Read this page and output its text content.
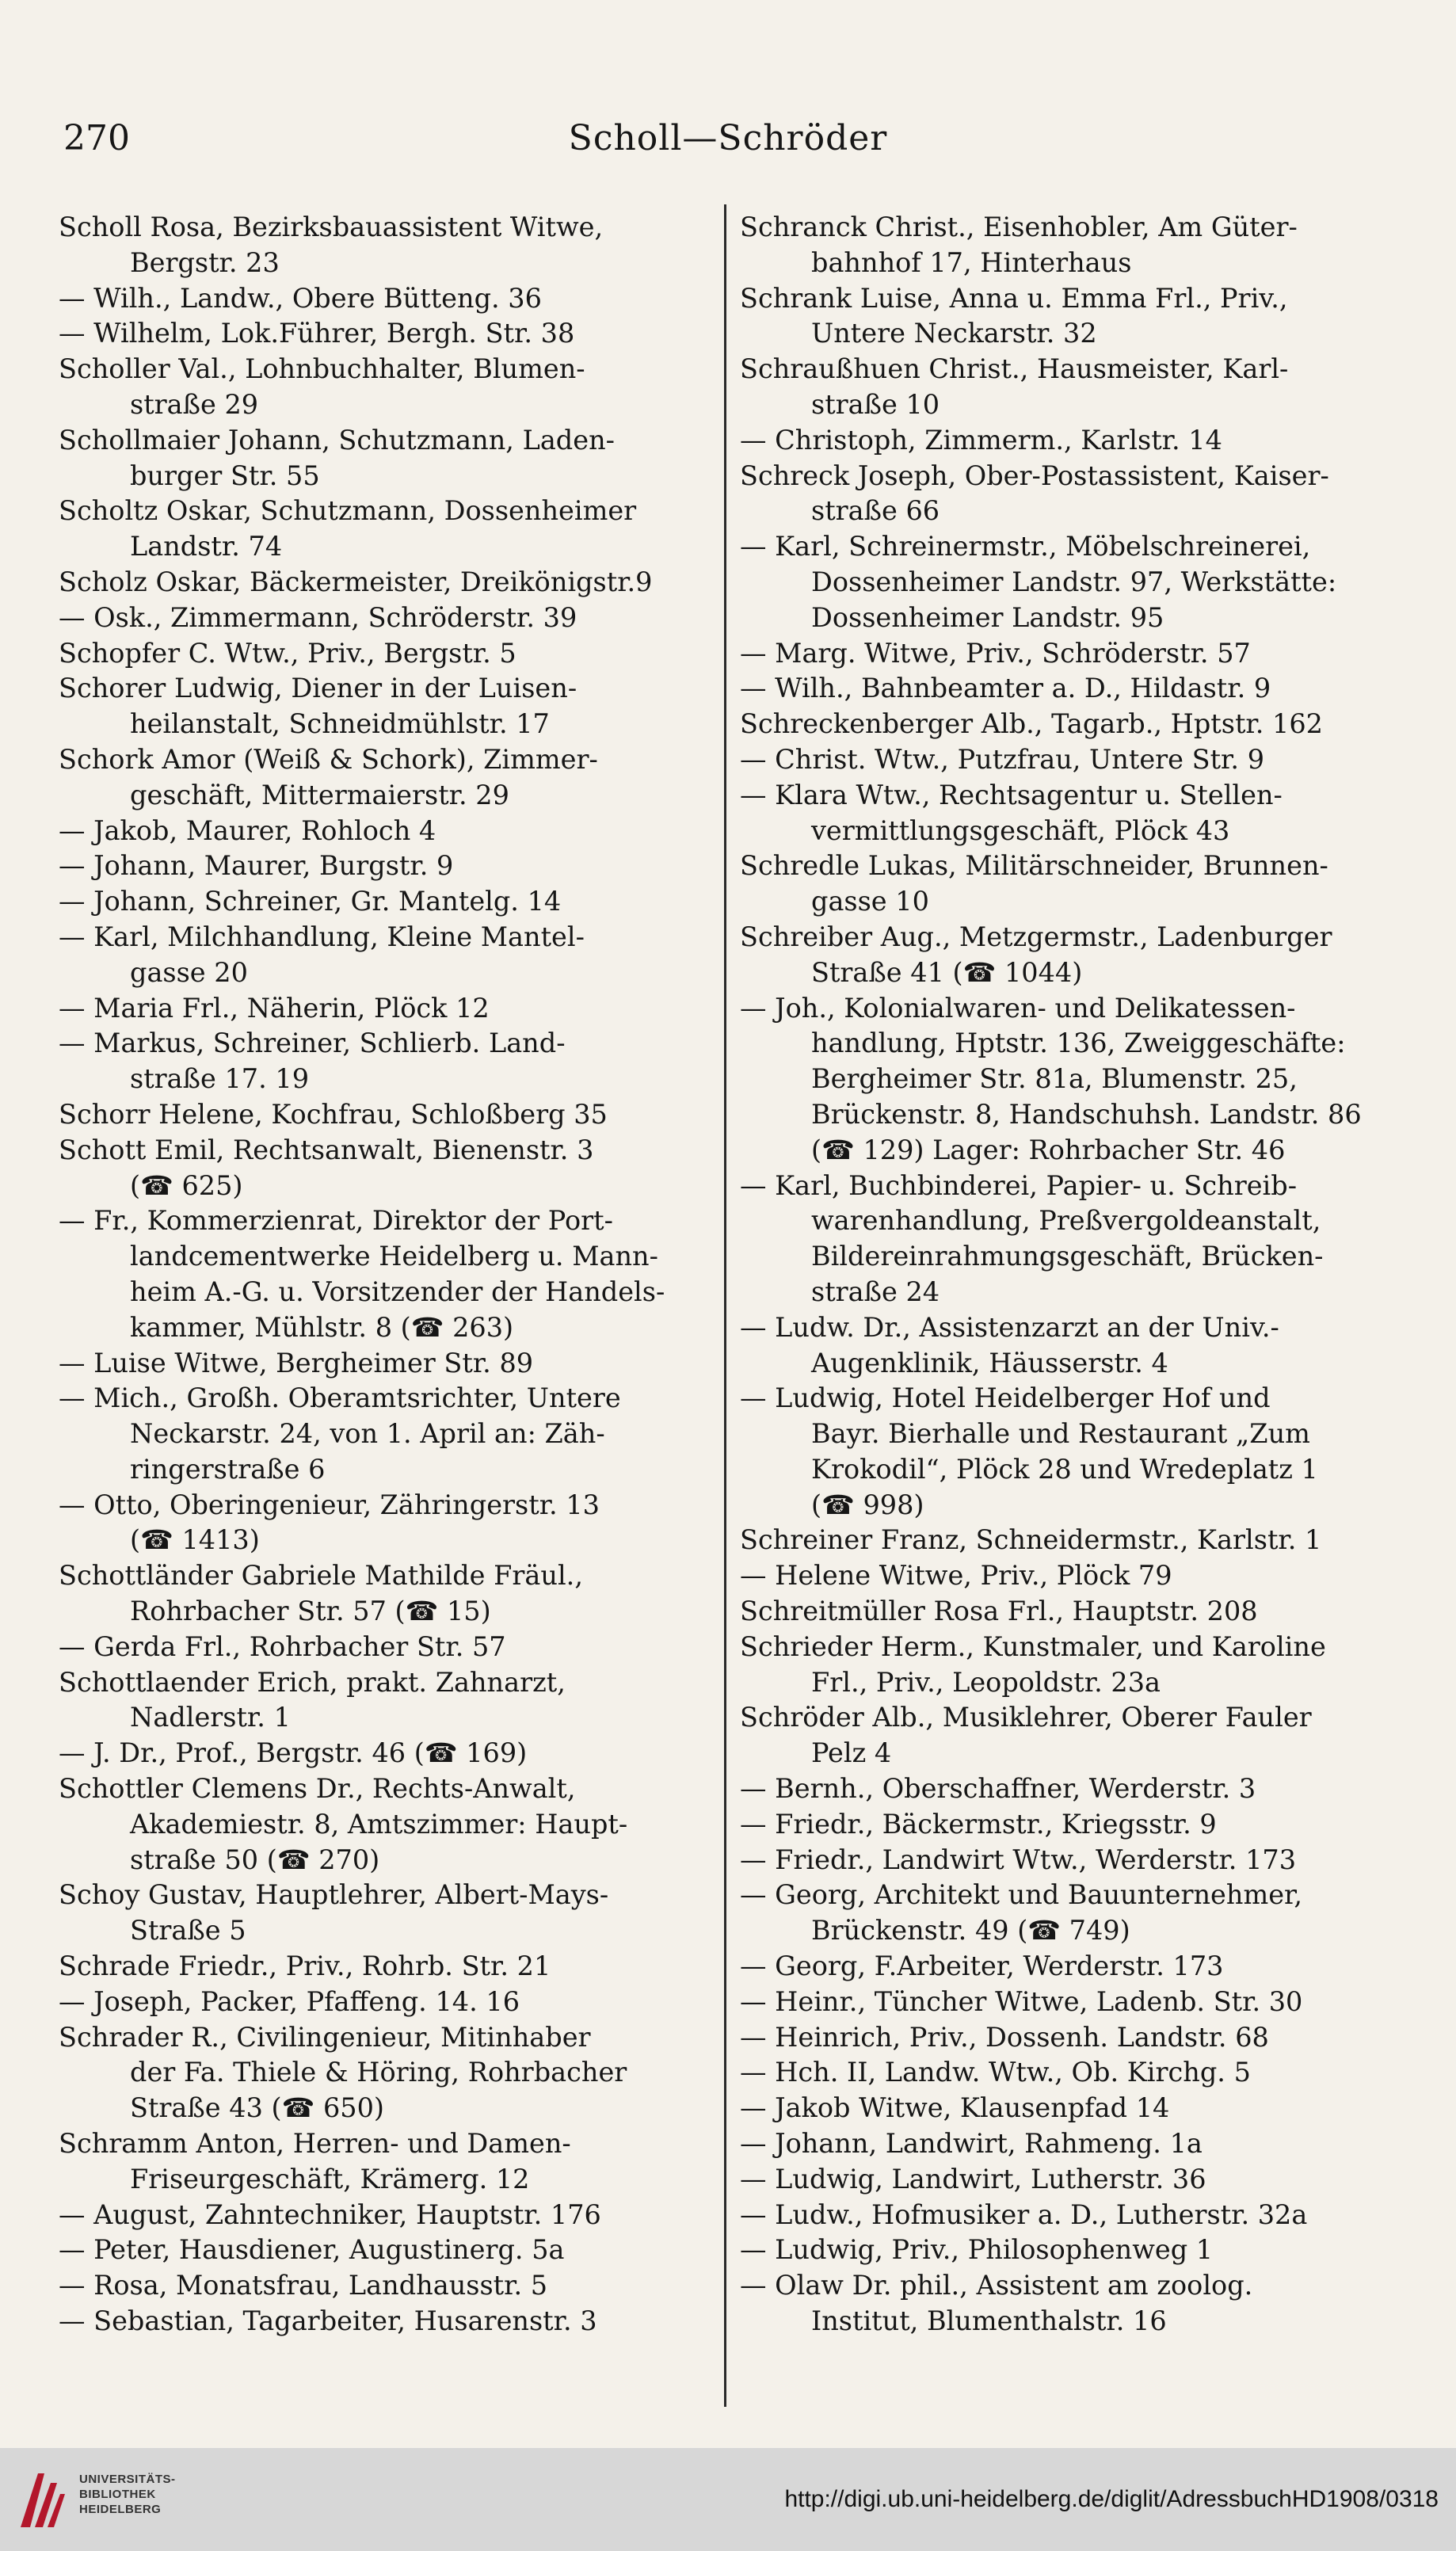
270	Scholl—Schröder
Scholl Rosa, Bezirksbauassistent Witwe,
Bergstr. 23
— Wilh., Landw., Obere Bütteng. 36
— Wilhelm, Lok.Führer, Bergh. Str. 38
Scholler Val., Lohnbuchhalter, Blumen-
straße 29
Schollmaier Johann, Schutzmann, Laden-
burger Str. 55
Scholtz Oskar, Schutzmann, Dossenheimer
Landstr. 74
Scholz Oskar, Bäckermeister, Dreikönigstr.9
— Osk., Zimmermann, Schröderstr. 39
Schopfer C. Wtw., Priv., Bergstr. 5
Schorer Ludwig, Diener in der Luisen-
heilanstalt, Schneidmühlstr. 17
Schork Amor (Weiß & Schork), Zimmer-
geschäft, Mittermaierstr. 29
— Jakob, Maurer, Rohloch 4
— Johann, Maurer, Burgstr. 9
— Johann, Schreiner, Gr. Mantelg. 14
— Karl, Milchhandlung, Kleine Mantel-
gasse 20
— Maria Frl., Näherin, Plöck 12
— Markus, Schreiner, Schlierb. Land-
straße 17. 19
Schorr Helene, Kochfrau, Schloßberg 35
Schott Emil, Rechtsanwalt, Bienenstr. 3
(☎ 625)
— Fr., Kommerzienrat, Direktor der Port-
landcementwerke Heidelberg u. Mann-
heim A.-G. u. Vorsitzender der Handels-
kammer, Mühlstr. 8 (☎ 263)
— Luise Witwe, Bergheimer Str. 89
— Mich., Großh. Oberamtsrichter, Untere
Neckarstr. 24, von 1. April an: Zäh-
ringerstraße 6
— Otto, Oberingenieur, Zähringerstr. 13
(☎ 1413)
Schottländer Gabriele Mathilde Fräul.,
Rohrbacher Str. 57 (☎ 15)
— Gerda Frl., Rohrbacher Str. 57
Schottlaender Erich, prakt. Zahnarzt,
Nadlerstr. 1
— J. Dr., Prof., Bergstr. 46 (☎ 169)
Schottler Clemens Dr., Rechts-Anwalt,
Akademiestr. 8, Amtszimmer: Haupt-
straße 50 (☎ 270)
Schoy Gustav, Hauptlehrer, Albert-Mays-
Straße 5
Schrade Friedr., Priv., Rohrb. Str. 21
— Joseph, Packer, Pfaffeng. 14. 16
Schrader R., Civilingenieur, Mitinhaber
der Fa. Thiele & Höring, Rohrbacher
Straße 43 (☎ 650)
Schramm Anton, Herren- und Damen-
Friseurgeschäft, Krämerg. 12
— August, Zahntechniker, Hauptstr. 176
— Peter, Hausdiener, Augustinerg. 5a
— Rosa, Monatsfrau, Landhausstr. 5
— Sebastian, Tagarbeiter, Husarenstr. 3
Schranck Christ., Eisenhobler, Am Güter-
bahnhof 17, Hinterhaus
Schrank Luise, Anna u. Emma Frl., Priv.,
Untere Neckarstr. 32
Schraußhuen Christ., Hausmeister, Karl-
straße 10
— Christoph, Zimmerm., Karlstr. 14
Schreck Joseph, Ober-Postassistent, Kaiser-
straße 66
— Karl, Schreinermstr., Möbelschreinerei,
Dossenheimer Landstr. 97, Werkstätte:
Dossenheimer Landstr. 95
— Marg. Witwe, Priv., Schröderstr. 57
— Wilh., Bahnbeamter a. D., Hildastr. 9
Schreckenberger Alb., Tagarb., Hptstr. 162
— Christ. Wtw., Putzfrau, Untere Str. 9
— Klara Wtw., Rechtsagentur u. Stellen-
vermittlungsgeschäft, Plöck 43
Schredle Lukas, Militärschneider, Brunnen-
gasse 10
Schreiber Aug., Metzgermstr., Ladenburger
Straße 41 (☎ 1044)
— Joh., Kolonialwaren- und Delikatessen-
handlung, Hptstr. 136, Zweiggeschäfte:
Bergheimer Str. 81a, Blumenstr. 25,
Brückenstr. 8, Handschuhsh. Landstr. 86
(☎ 129) Lager: Rohrbacher Str. 46
— Karl, Buchbinderei, Papier- u. Schreib-
warenhandlung, Preßvergoldeanstalt,
Bildereinrahmungsgeschäft, Brücken-
straße 24
— Ludw. Dr., Assistenzarzt an der Univ.-
Augenklinik, Häusserstr. 4
— Ludwig, Hotel Heidelberger Hof und
Bayr. Bierhalle und Restaurant „Zum
Krokodil“, Plöck 28 und Wredeplatz 1
(☎ 998)
Schreiner Franz, Schneidermstr., Karlstr. 1
— Helene Witwe, Priv., Plöck 79
Schreitmüller Rosa Frl., Hauptstr. 208
Schrieder Herm., Kunstmaler, und Karoline
Frl., Priv., Leopoldstr. 23a
Schröder Alb., Musiklehrer, Oberer Fauler
Pelz 4
— Bernh., Oberschaffner, Werderstr. 3
— Friedr., Bäckermstr., Kriegsstr. 9
— Friedr., Landwirt Wtw., Werderstr. 173
— Georg, Architekt und Bauunternehmer,
Brückenstr. 49 (☎ 749)
— Georg, F.Arbeiter, Werderstr. 173
— Heinr., Tüncher Witwe, Ladenb. Str. 30
— Heinrich, Priv., Dossenh. Landstr. 68
— Hch. II, Landw. Wtw., Ob. Kirchg. 5
— Jakob Witwe, Klausenpfad 14
— Johann, Landwirt, Rahmeng. 1a
— Ludwig, Landwirt, Lutherstr. 36
— Ludw., Hofmusiker a. D., Lutherstr. 32a
— Ludwig, Priv., Philosophenweg 1
— Olaw Dr. phil., Assistent am zoolog.
Institut, Blumenthalstr. 16
UNIVERSITÄTS-
BIBLIOTHEK
HEIDELBERG	http://digi.ub.uni-heidelberg.de/diglit/AdressbuchHD1908/0318
